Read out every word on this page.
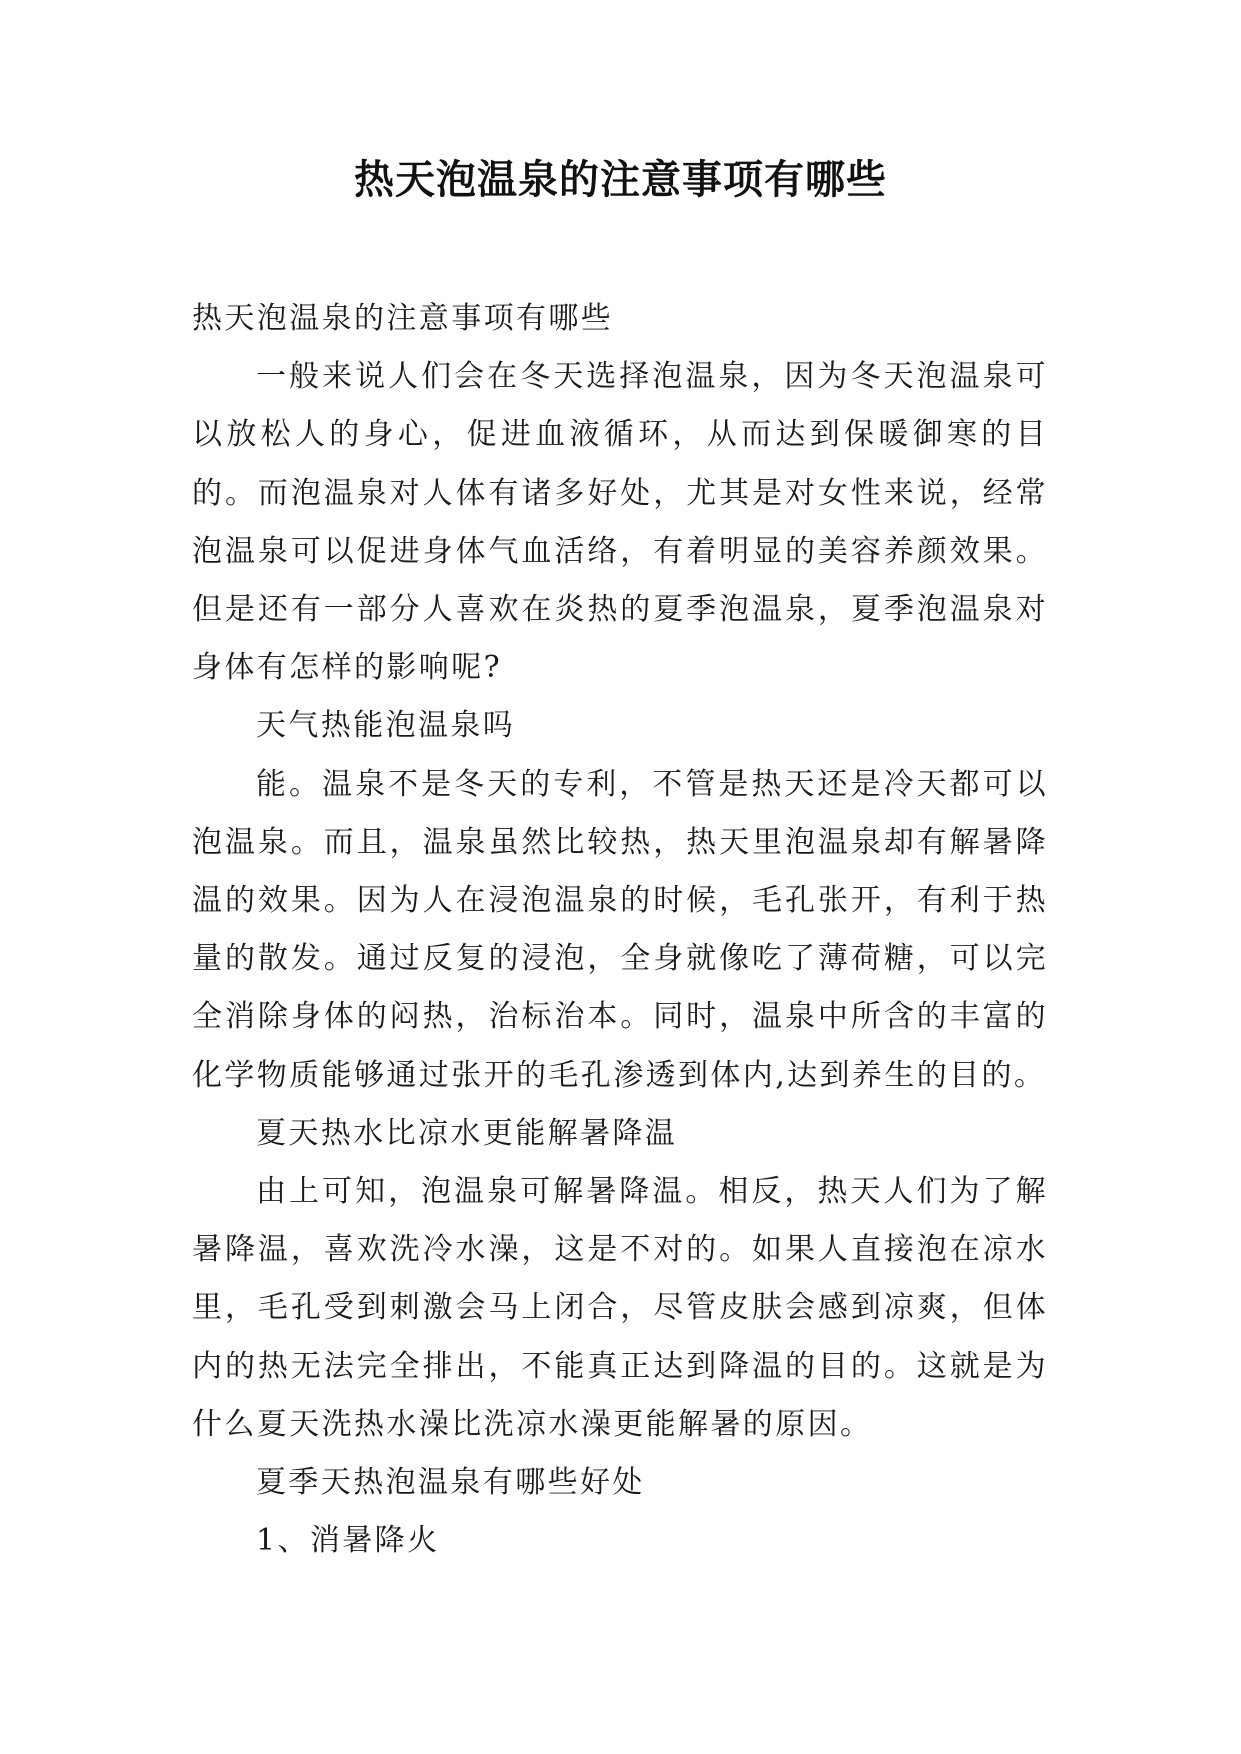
热天泡温泉的注意事项有哪些

热天泡温泉的注意事项有哪些

一般来说人们会在冬天选择泡温泉，因为冬天泡温泉可以放松人的身心，促进血液循环，从而达到保暖御寒的目的。而泡温泉对人体有诸多好处，尤其是对女性来说，经常泡温泉可以促进身体气血活络，有着明显的美容养颜效果。但是还有一部分人喜欢在炎热的夏季泡温泉，夏季泡温泉对身体有怎样的影响呢?

天气热能泡温泉吗

能。温泉不是冬天的专利，不管是热天还是冷天都可以泡温泉。而且，温泉虽然比较热，热天里泡温泉却有解暑降温的效果。因为人在浸泡温泉的时候，毛孔张开，有利于热量的散发。通过反复的浸泡，全身就像吃了薄荷糖，可以完全消除身体的闷热，治标治本。同时，温泉中所含的丰富的化学物质能够通过张开的毛孔渗透到体内,达到养生的目的。

夏天热水比凉水更能解暑降温

由上可知，泡温泉可解暑降温。相反，热天人们为了解暑降温，喜欢洗冷水澡，这是不对的。如果人直接泡在凉水里，毛孔受到刺激会马上闭合，尽管皮肤会感到凉爽，但体内的热无法完全排出，不能真正达到降温的目的。这就是为什么夏天洗热水澡比洗凉水澡更能解暑的原因。

夏季天热泡温泉有哪些好处

1、消暑降火
